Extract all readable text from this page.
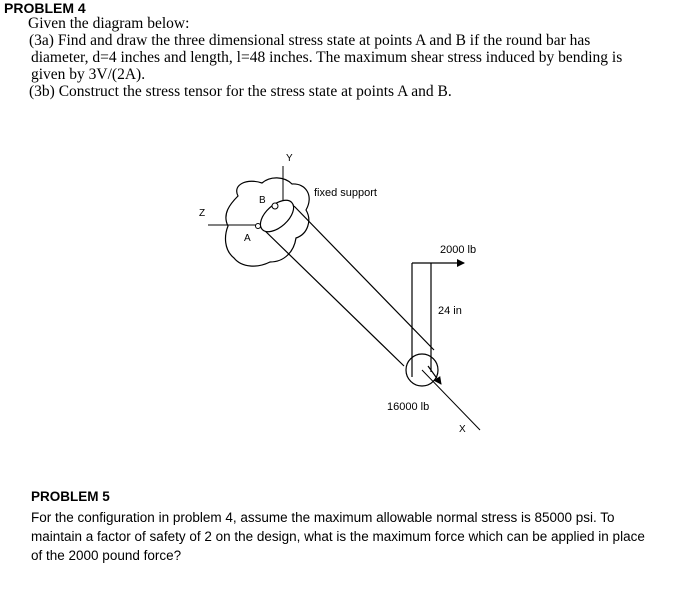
PROBLEM 4
Given the diagram below:
(3a) Find and draw the three dimensional stress state at points A and B if the round bar has
diameter, d=4 inches and length, l=48 inches. The maximum shear stress induced by bending is
given by 3V/(2A).
(3b) Construct the stress tensor for the stress state at points A and B.
Y
Z
B
A
X
2000 lb
24 in
16000 lb
fixed support
PROBLEM 5
For the configuration in problem 4, assume the maximum allowable normal stress is 85000 psi. To
maintain a factor of safety of 2 on the design, what is the maximum force which can be applied in place
of the 2000 pound force?
